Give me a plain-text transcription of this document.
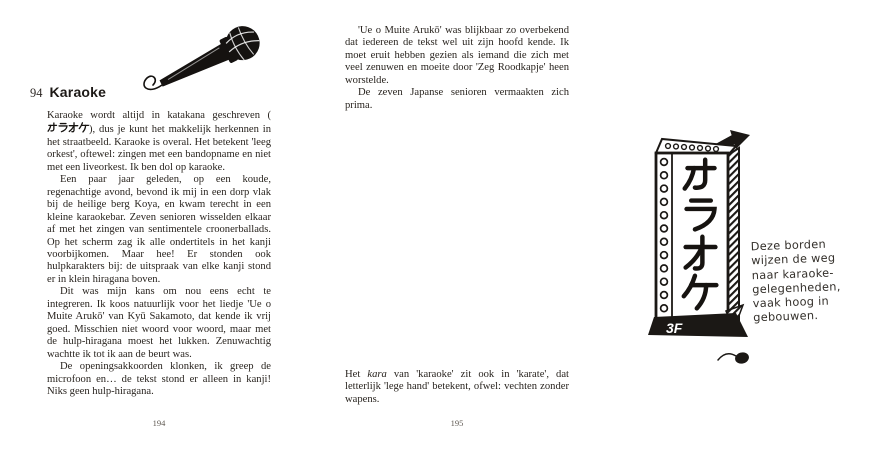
94 Karaoke

Karaoke wordt altijd in katakana geschreven (), dus je kunt het makkelijk herkennen in het straatbeeld. Karaoke is overal. Het betekent 'leeg orkest', oftewel: zingen met een bandopname en niet met een liveorkest. Ik ben dol op karaoke.

Een paar jaar geleden, op een koude, regenachtige avond, bevond ik mij in een dorp vlak bij de heilige berg Koya, en kwam terecht in een kleine karaokebar. Zeven senioren wisselden elkaar af met het zingen van sentimentele croonerballads. Op het scherm zag ik alle ondertitels in het kanji voorbijkomen. Maar hee! Er stonden ook hulpkarakters bij: de uitspraak van elke kanji stond er in klein hiragana boven.

Dit was mijn kans om nou eens echt te integreren. Ik koos natuurlijk voor het liedje 'Ue o Muite Arukō' van Kyū Sakamoto, dat kende ik vrij goed. Misschien niet woord voor woord, maar met de hulp-hiragana moest het lukken. Zenuwachtig wachtte ik tot ik aan de beurt was.

De openingsakkoorden klonken, ik greep de microfoon en… de tekst stond er alleen in kanji! Niks geen hulp-hiragana.

194

'Ue o Muite Arukō' was blijkbaar zo overbekend dat iedereen de tekst wel uit zijn hoofd kende. Ik moet eruit hebben gezien als iemand die zich met veel zenuwen en moeite door 'Zeg Roodkapje' heen worstelde.

De zeven Japanse senioren vermaakten zich prima.

3F
Deze borden
wijzen de weg
naar karaoke-
gelegenheden,
vaak hoog in
gebouwen.

Het kara van 'karaoke' zit ook in 'karate', dat letterlijk 'lege hand' betekent, ofwel: vechten zonder wapens.

195
